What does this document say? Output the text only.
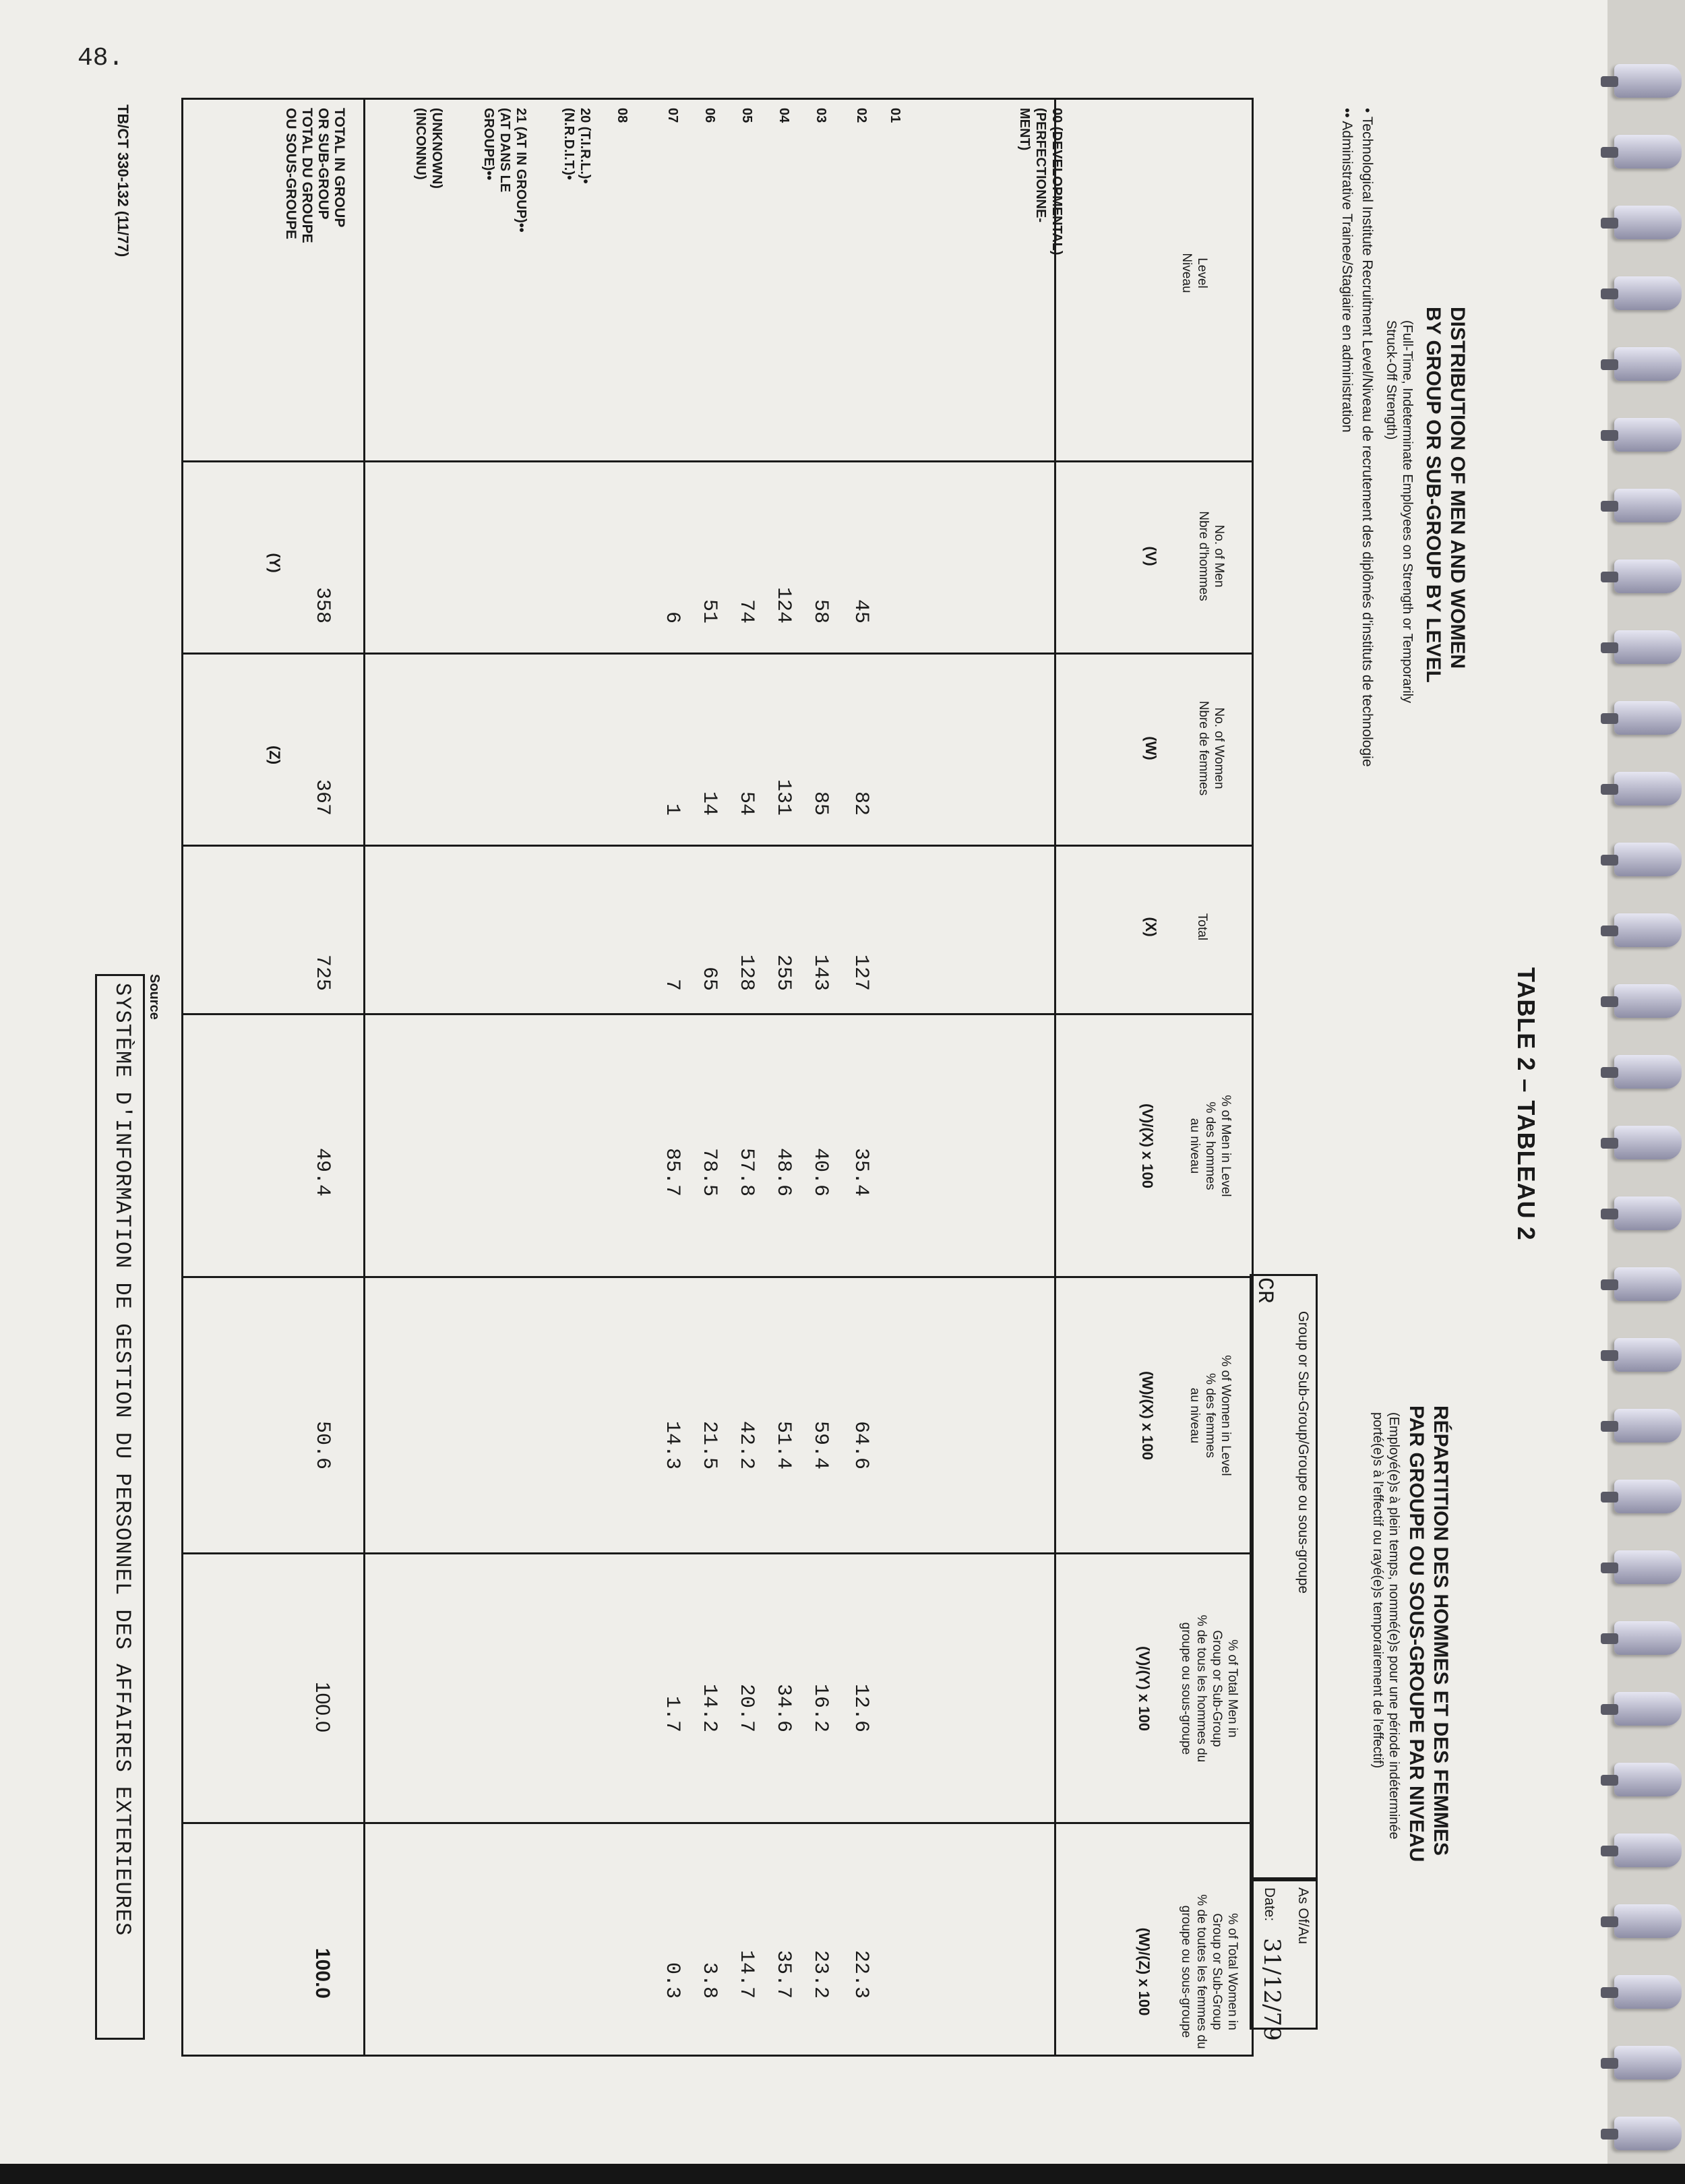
48.
TABLE 2 – TABLEAU 2
DISTRIBUTION OF MEN AND WOMEN
BY GROUP OR SUB-GROUP BY LEVEL
(Full-Time, Indeterminate Employees on Strength or Temporarily
Struck-Off Strength)
RÉPARTITION DES HOMMES ET DES FEMMES
PAR GROUPE OU SOUS-GROUPE PAR NIVEAU
(Employé(e)s à plein temps, nommé(e)s pour une période indéterminée
porté(e)s à l'effectif ou rayé(e)s temporairement de l'effectif)
• Technological Institute Recruitment Level/Niveau de recrutement des diplômés d'instituts de technologie
•• Administrative Trainee/Stagiaire en administration
Group or Sub-Group/Groupe ou sous-groupe
CR
As Of/Au
Date:
31/12/79
Level
Niveau
No. of Men
Nbre d'hommes
(V)
No. of Women
Nbre de femmes
(W)
Total
(X)
% of Men in Level
% des hommes
au niveau
(V)/(X) x 100
% of Women in Level
% des femmes
au niveau
(W)/(X) x 100
% of Total Men in
Group or Sub-Group
% de tous les hommes du
groupe ou sous-groupe
(V)/(Y) x 100
% of Total Women in
Group or Sub-Group
% de toutes les femmes du
groupe ou sous-groupe
(W)/(Z) x 100
00 (DEVELOPMENTAL)
(PERFECTIONNE-
MENT)
01
02
45
82
127
35.4
64.6
12.6
22.3
03
58
85
143
40.6
59.4
16.2
23.2
04
124
131
255
48.6
51.4
34.6
35.7
05
74
54
128
57.8
42.2
20.7
14.7
06
51
14
65
78.5
21.5
14.2
3.8
07
6
1
7
85.7
14.3
1.7
0.3
08
20 (T.I.R.L.)•
(N.R.D.I.T.)•
21 (AT IN GROUP)••
(AT DANS LE
GROUPE)••
(UNKNOWN)
(INCONNU)
TOTAL IN GROUP
OR SUB-GROUP
TOTAL DU GROUPE
OU SOUS-GROUPE
358
(Y)
367
(Z)
725
49.4
50.6
100.0
100.0
TB/CT 330-132 (11/77)
Source
SYSTÈME D'INFORMATION DE GESTION DU PERSONNEL DES AFFAIRES EXTERIEURES
